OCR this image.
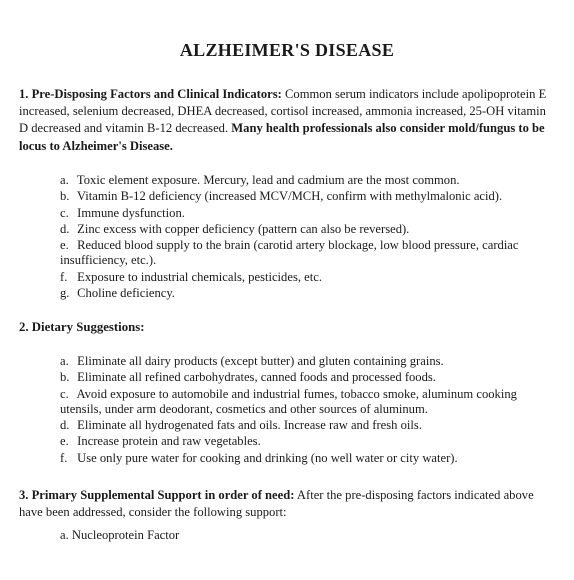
ALZHEIMER'S DISEASE
1. Pre-Disposing Factors and Clinical Indicators: Common serum indicators include apolipoprotein E increased, selenium decreased, DHEA decreased, cortisol increased, ammonia increased, 25-OH vitamin D decreased and vitamin B-12 decreased. Many health professionals also consider mold/fungus to be locus to Alzheimer's Disease.
a. Toxic element exposure. Mercury, lead and cadmium are the most common.
b. Vitamin B-12 deficiency (increased MCV/MCH, confirm with methylmalonic acid).
c. Immune dysfunction.
d. Zinc excess with copper deficiency (pattern can also be reversed).
e. Reduced blood supply to the brain (carotid artery blockage, low blood pressure, cardiac insufficiency, etc.).
f. Exposure to industrial chemicals, pesticides, etc.
g. Choline deficiency.
2. Dietary Suggestions:
a. Eliminate all dairy products (except butter) and gluten containing grains.
b. Eliminate all refined carbohydrates, canned foods and processed foods.
c. Avoid exposure to automobile and industrial fumes, tobacco smoke, aluminum cooking utensils, under arm deodorant, cosmetics and other sources of aluminum.
d. Eliminate all hydrogenated fats and oils. Increase raw and fresh oils.
e. Increase protein and raw vegetables.
f. Use only pure water for cooking and drinking (no well water or city water).
3. Primary Supplemental Support in order of need: After the pre-disposing factors indicated above have been addressed, consider the following support:
a. Nucleoprotein Factor
